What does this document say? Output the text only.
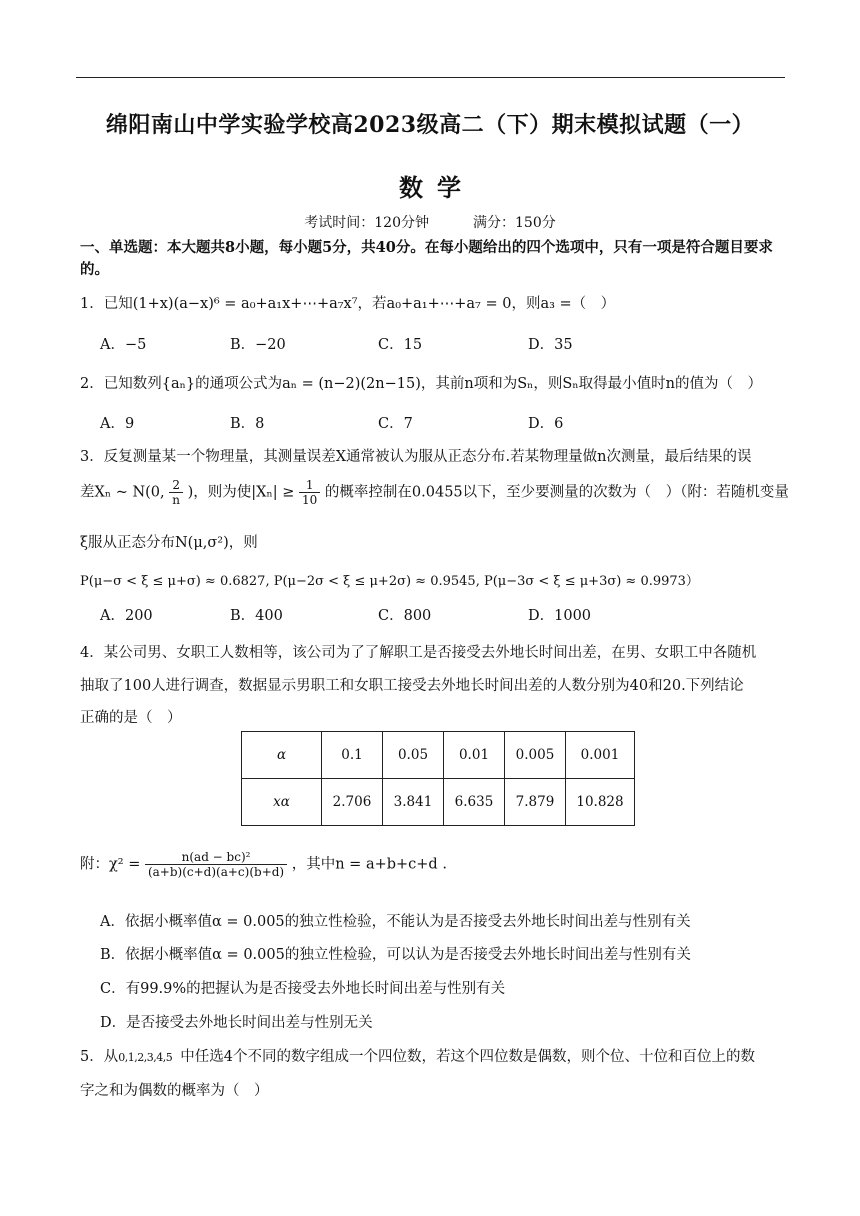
绵阳南山中学实验学校高2023级高二（下）期末模拟试题（一）
数学
考试时间：120分钟	满分：150分
一、单选题：本大题共8小题，每小题5分，共40分。在每小题给出的四个选项中，只有一项是符合题目要求的。
1．已知(1+x)(a−x)⁶ = a₀+a₁x+⋯+a₇x⁷，若a₀+a₁+⋯+a₇ = 0，则a₃ =（　）
A．−5	B．−20	C．15	D．35
2．已知数列{aₙ}的通项公式为aₙ = (n−2)(2n−15)，其前n项和为Sₙ，则Sₙ取得最小值时n的值为（　）
A．9	B．8	C．7	D．6
3．反复测量某一个物理量，其测量误差X通常被认为服从正态分布.若某物理量做n次测量，最后结果的误
差Xₙ ~ N(0, $\frac{2}{n}$ )，则为使$|X_n| \ge \frac{1}{10}$ 的概率控制在0.0455以下，至少要测量的次数为（　）（附：若随机变量
ξ服从正态分布N(μ,σ²)，则
P(μ−σ < ξ ≤ μ+σ) ≈ 0.6827, P(μ−2σ < ξ ≤ μ+2σ) ≈ 0.9545, P(μ−3σ < ξ ≤ μ+3σ) ≈ 0.9973）
A．200	B．400	C．800	D．1000
4．某公司男、女职工人数相等，该公司为了了解职工是否接受去外地长时间出差，在男、女职工中各随机
抽取了100人进行调查，数据显示男职工和女职工接受去外地长时间出差的人数分别为40和20.下列结论
正确的是（　）
α	0.1	0.05	0.01	0.005	0.001
xα	2.706	3.841	6.635	7.879	10.828
附：$\chi^2 = \frac{\text{n(ad − bc)²}}{(a+b)(c+d)(a+c)(b+d)}$ ，其中n = a+b+c+d .
A．依据小概率值α = 0.005的独立性检验，不能认为是否接受去外地长时间出差与性别有关
B．依据小概率值α = 0.005的独立性检验，可以认为是否接受去外地长时间出差与性别有关
C．有99.9%的把握认为是否接受去外地长时间出差与性别有关
D．是否接受去外地长时间出差与性别无关
5．从0,1,2,3,4,5 中任选4个不同的数字组成一个四位数，若这个四位数是偶数，则个位、十位和百位上的数
字之和为偶数的概率为（　）
